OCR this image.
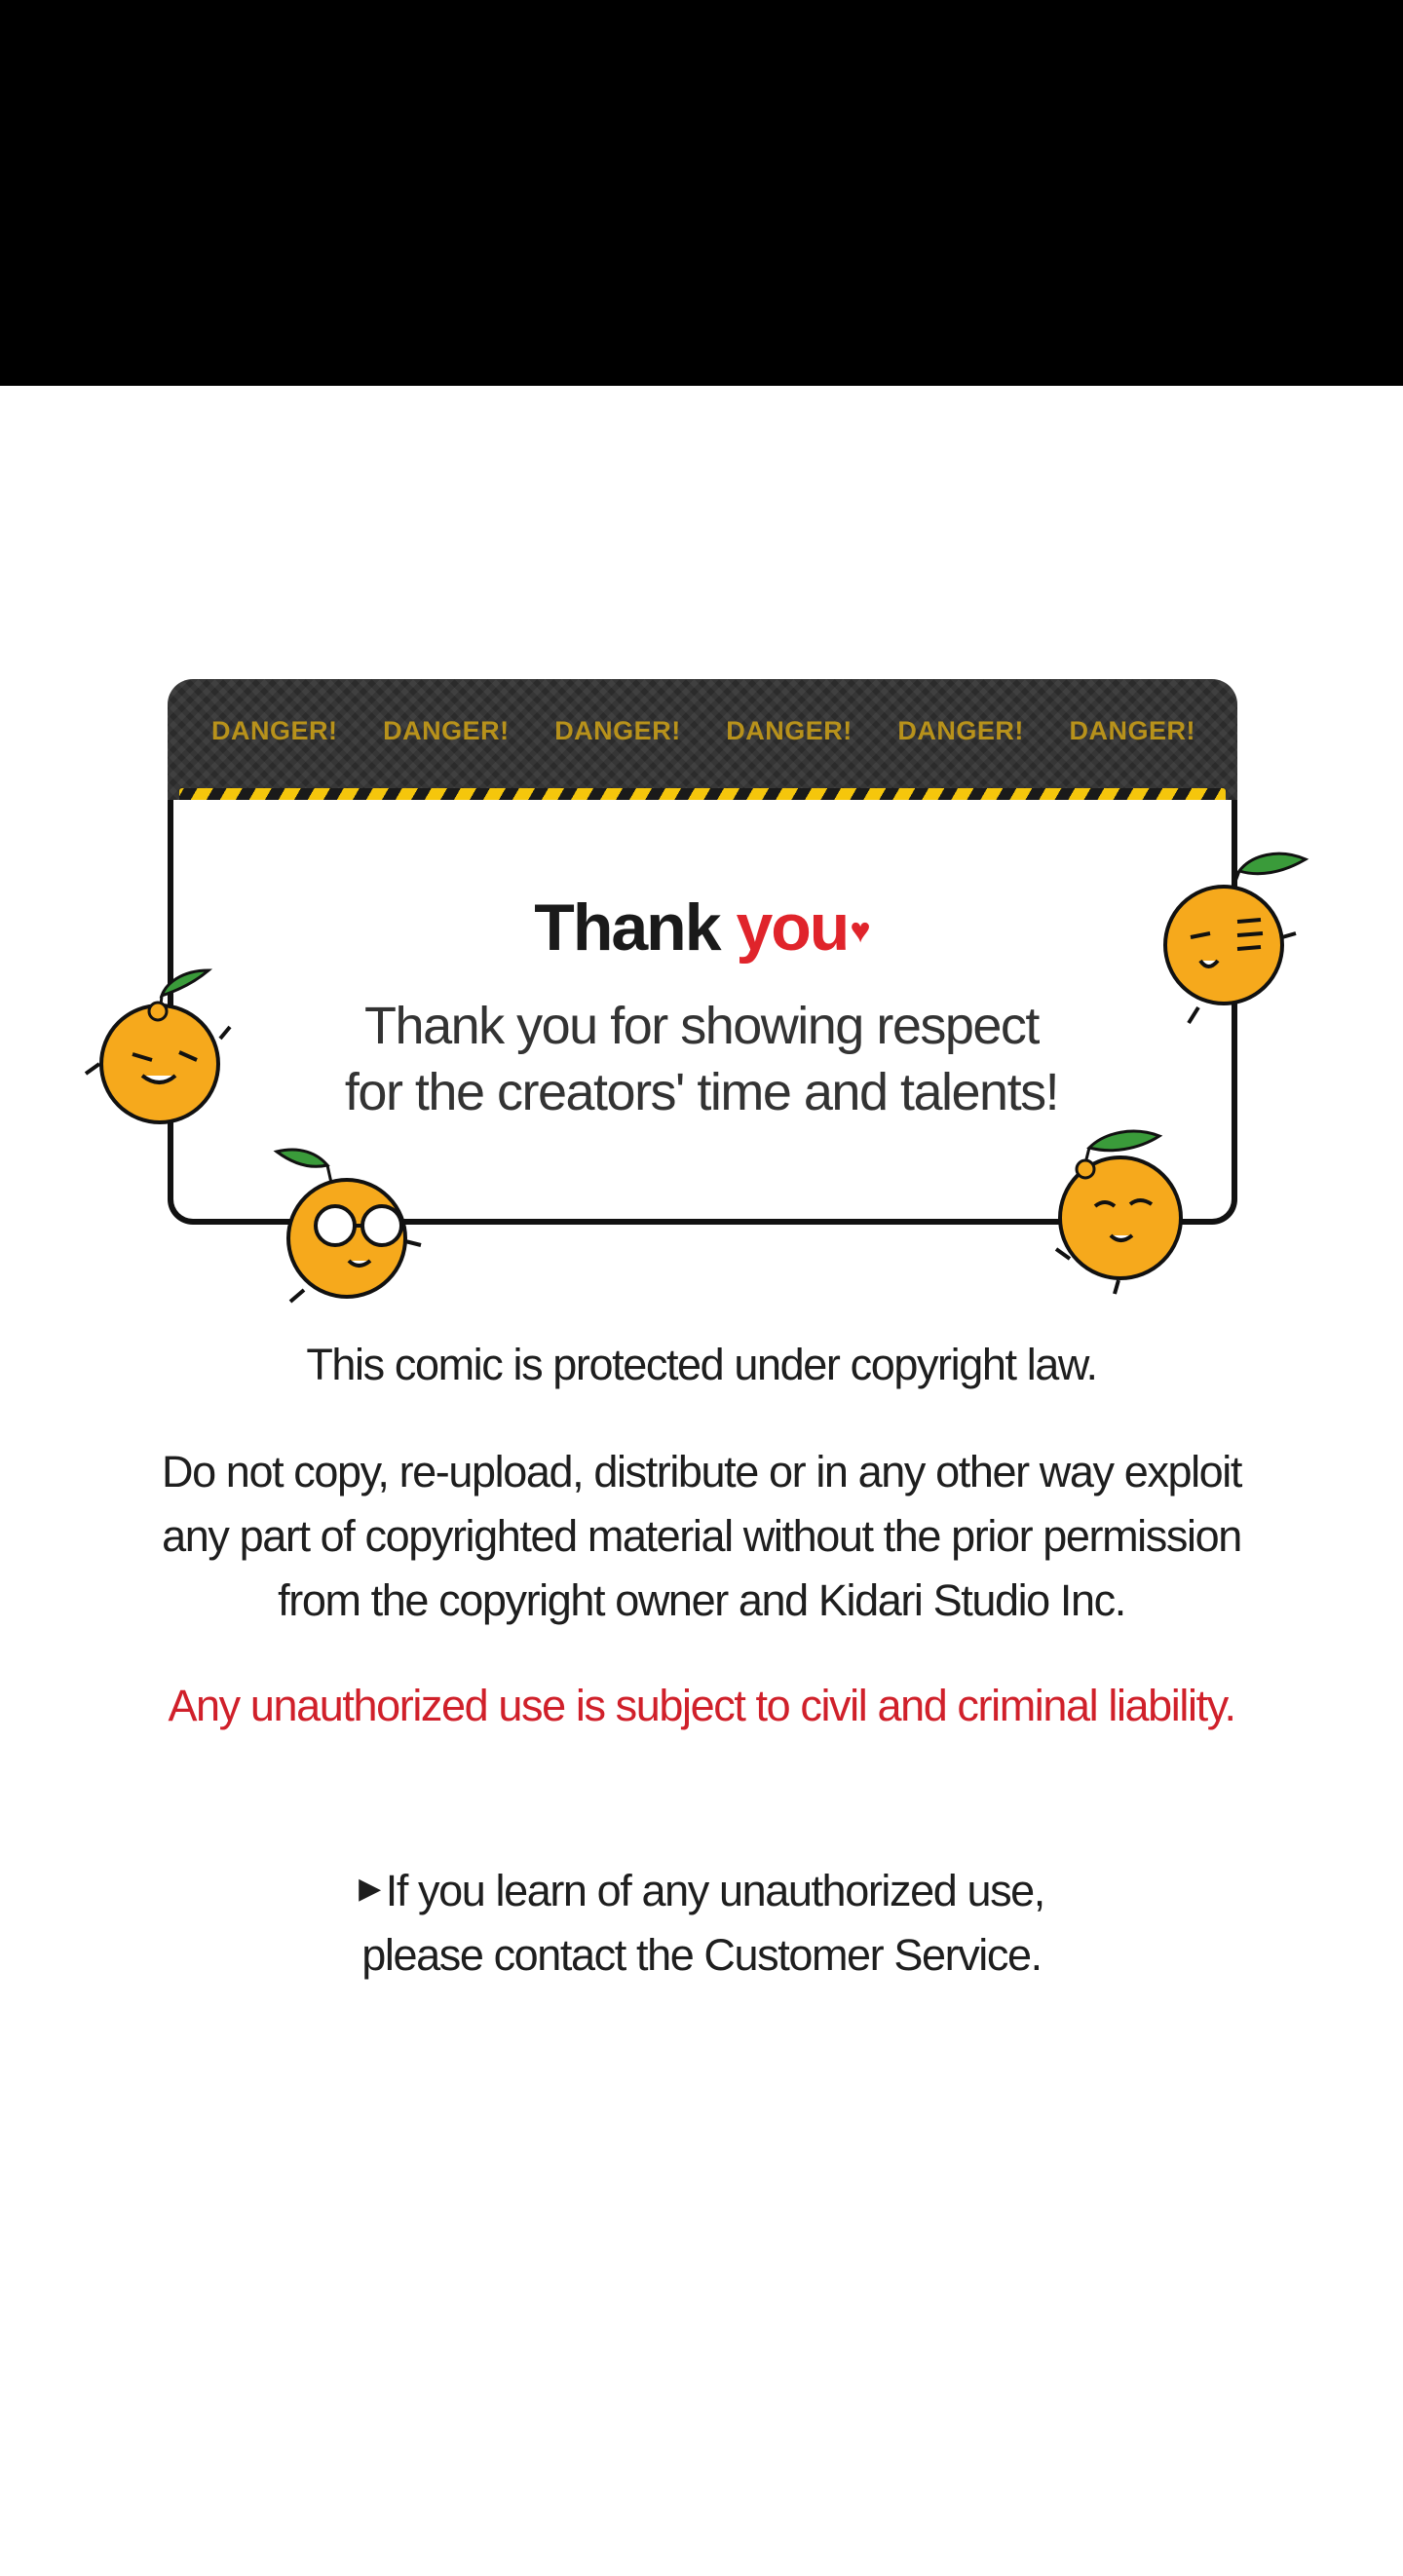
DANGER! DANGER! DANGER! DANGER! DANGER! DANGER!
Thank you♥
Thank you for showing respect
for the creators' time and talents!
This comic is protected under copyright law.
Do not copy, re-upload, distribute or in any other way exploit
any part of copyrighted material without the prior permission
from the copyright owner and Kidari Studio Inc.
Any unauthorized use is subject to civil and criminal liability.
▶ If you learn of any unauthorized use,
please contact the Customer Service.
